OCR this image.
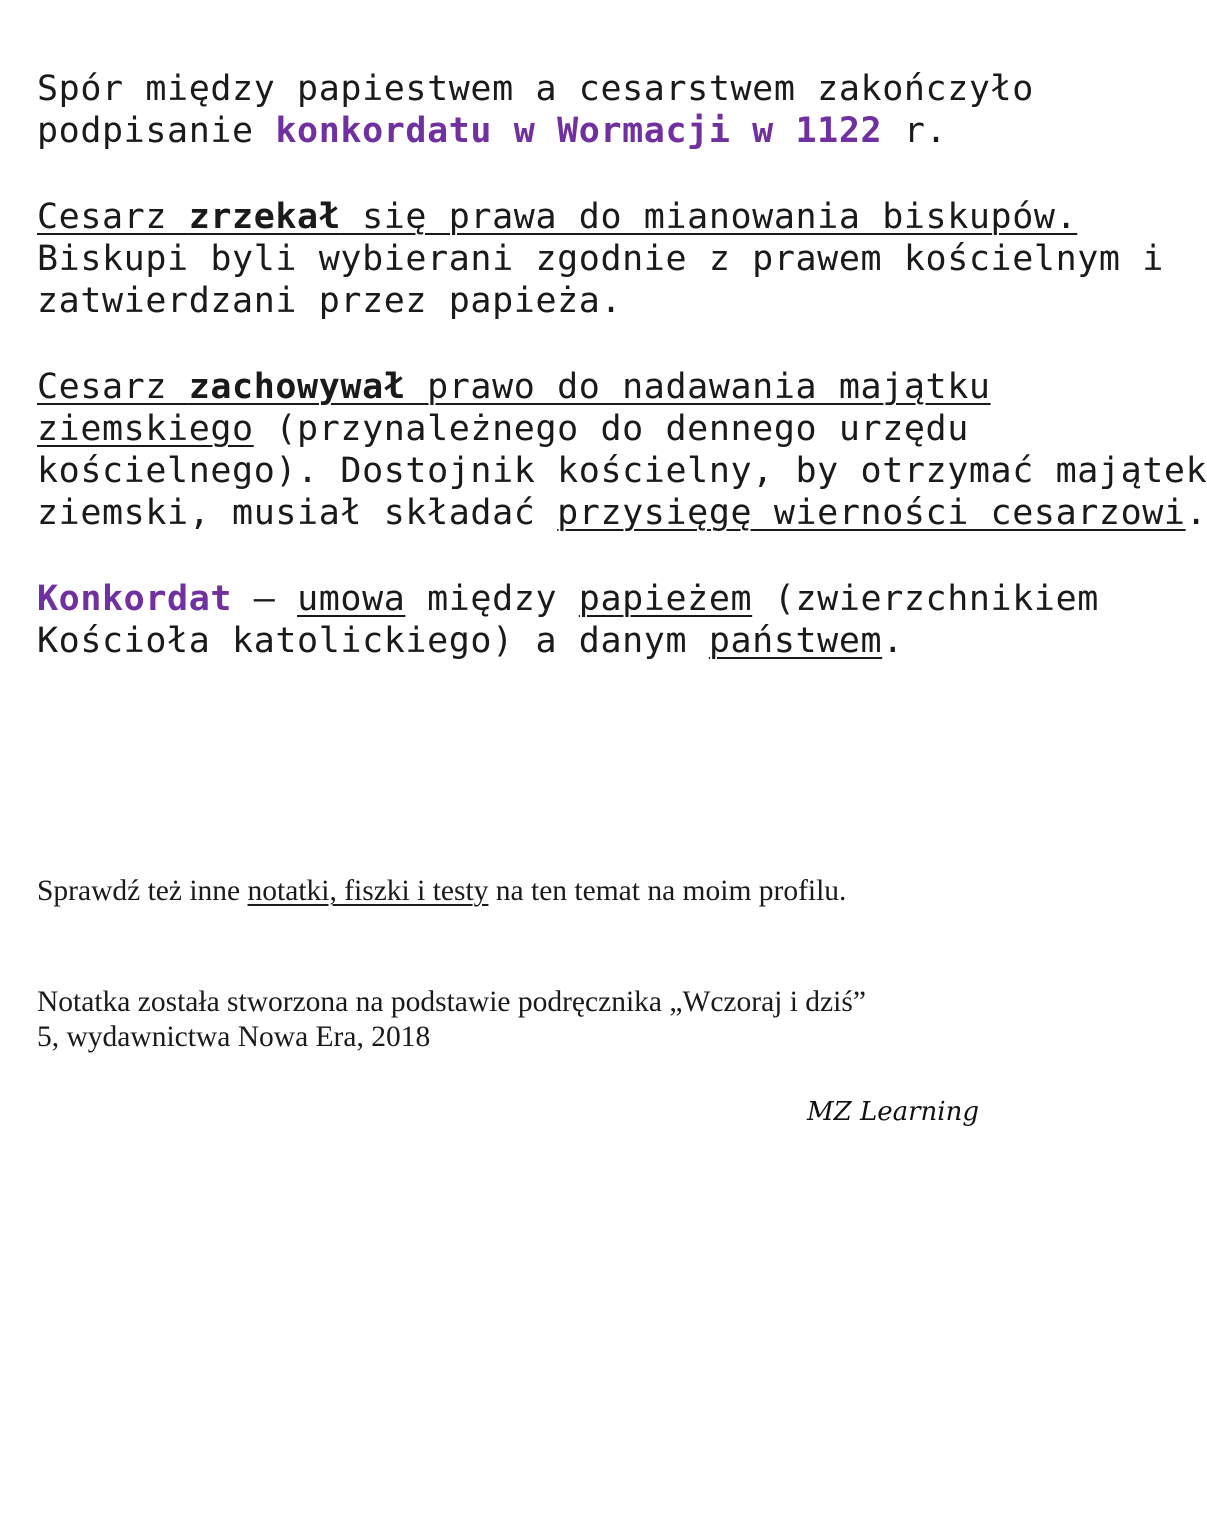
Spór między papiestwem a cesarstwem zakończyło
podpisanie konkordatu w Wormacji w 1122 r.

Cesarz zrzekał się prawa do mianowania biskupów.
Biskupi byli wybierani zgodnie z prawem kościelnym i
zatwierdzani przez papieża.

Cesarz zachowywał prawo do nadawania majątku
ziemskiego (przynależnego do dennego urzędu
kościelnego). Dostojnik kościelny, by otrzymać majątek
ziemski, musiał składać przysięgę wierności cesarzowi.

Konkordat – umowa między papieżem (zwierzchnikiem
Kościoła katolickiego) a danym państwem.

Sprawdź też inne notatki, fiszki i testy na ten temat na moim profilu.

Notatka została stworzona na podstawie podręcznika „Wczoraj i dziś”
5, wydawnictwa Nowa Era, 2018

MZ Learning
